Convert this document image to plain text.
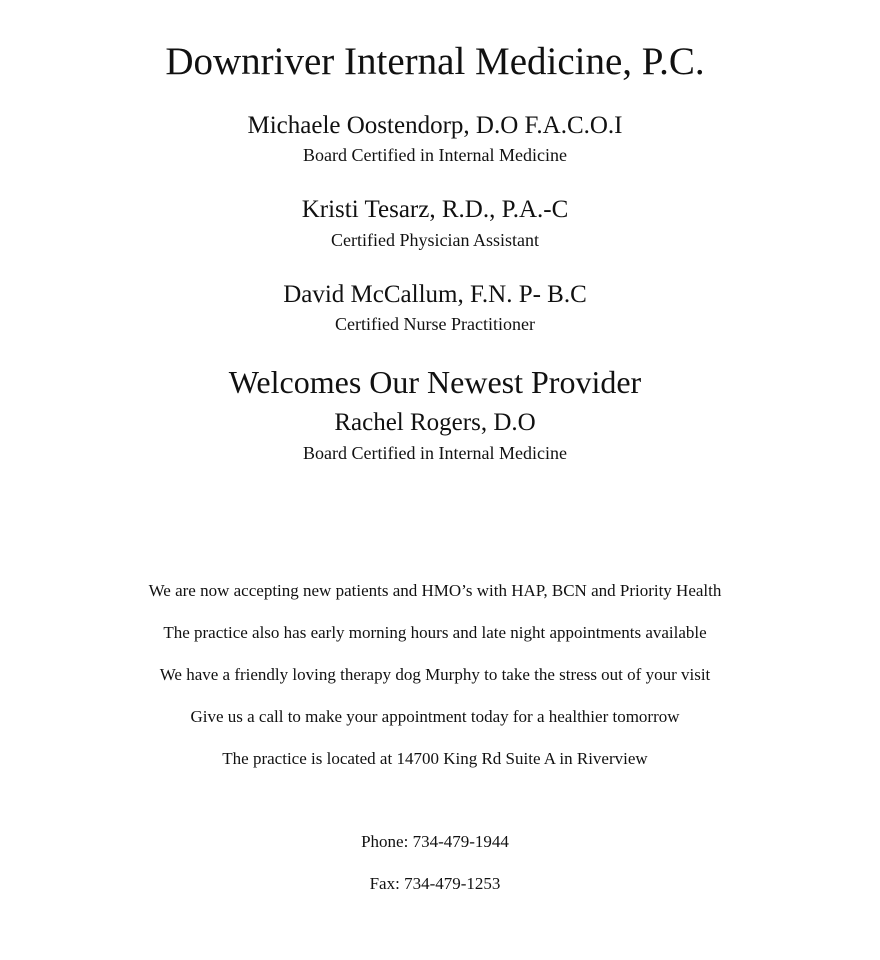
Downriver Internal Medicine, P.C.
Michaele Oostendorp, D.O F.A.C.O.I
Board Certified in Internal Medicine
Kristi Tesarz, R.D., P.A.-C
Certified Physician Assistant
David McCallum, F.N. P- B.C
Certified Nurse Practitioner
Welcomes Our Newest Provider
Rachel Rogers, D.O
Board Certified in Internal Medicine
We are now accepting new patients and HMO’s with HAP, BCN and Priority Health
The practice also has early morning hours and late night appointments available
We have a friendly loving therapy dog Murphy to take the stress out of your visit
Give us a call to make your appointment today for a healthier tomorrow
The practice is located at 14700 King Rd Suite A in Riverview
Phone: 734-479-1944
Fax: 734-479-1253
